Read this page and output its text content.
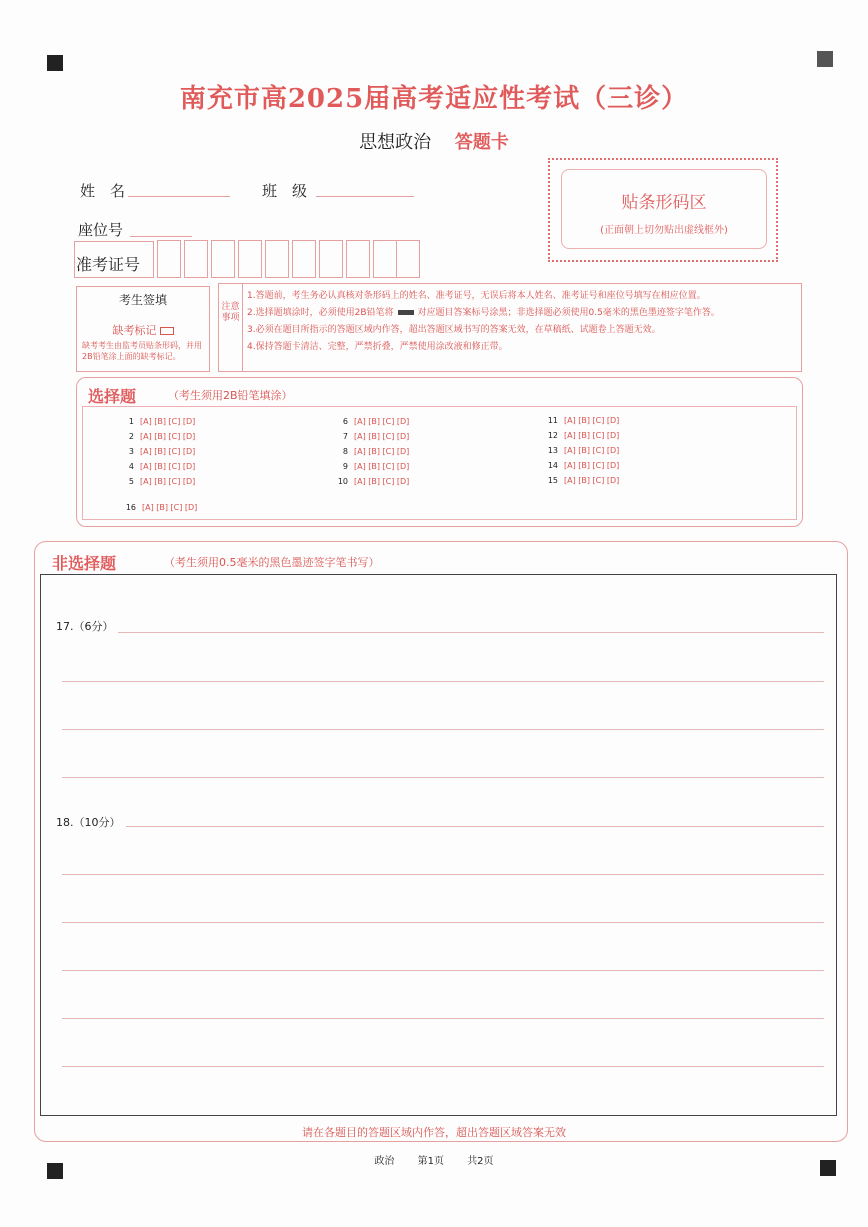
南充市高2025届高考适应性考试（三诊）
思想政治 答题卡
姓　名	班　级
座位号
准考证号
贴条形码区
(正面朝上切勿贴出虚线框外)
考生签填
缺考标记
缺考考生由监考员贴条形码，并用2B铅笔涂上面的缺考标记。
注意事项
1.答题前，考生务必认真核对条形码上的姓名、准考证号，无误后将本人姓名、准考证号和座位号填写在相应位置。
2.选择题填涂时，必须使用2B铅笔将	对应题目答案标号涂黑；非选择题必须使用0.5毫米的黑色墨迹签字笔作答。
3.必须在题目所指示的答题区域内作答，超出答题区域书写的答案无效，在草稿纸、试题卷上答题无效。
4.保持答题卡清洁、完整，严禁折叠，严禁使用涂改液和修正带。
选择题	（考生须用2B铅笔填涂）
1 [A] [B] [C] [D]
2 [A] [B] [C] [D]
3 [A] [B] [C] [D]
4 [A] [B] [C] [D]
5 [A] [B] [C] [D]
6 [A] [B] [C] [D]
7 [A] [B] [C] [D]
8 [A] [B] [C] [D]
9 [A] [B] [C] [D]
10 [A] [B] [C] [D]
11 [A] [B] [C] [D]
12 [A] [B] [C] [D]
13 [A] [B] [C] [D]
14 [A] [B] [C] [D]
15 [A] [B] [C] [D]
16 [A] [B] [C] [D]
非选择题	（考生须用0.5毫米的黑色墨迹签字笔书写）
17.（6分）
18.（10分）
请在各题目的答题区域内作答，超出答题区域答案无效
政治 第1页 共2页
